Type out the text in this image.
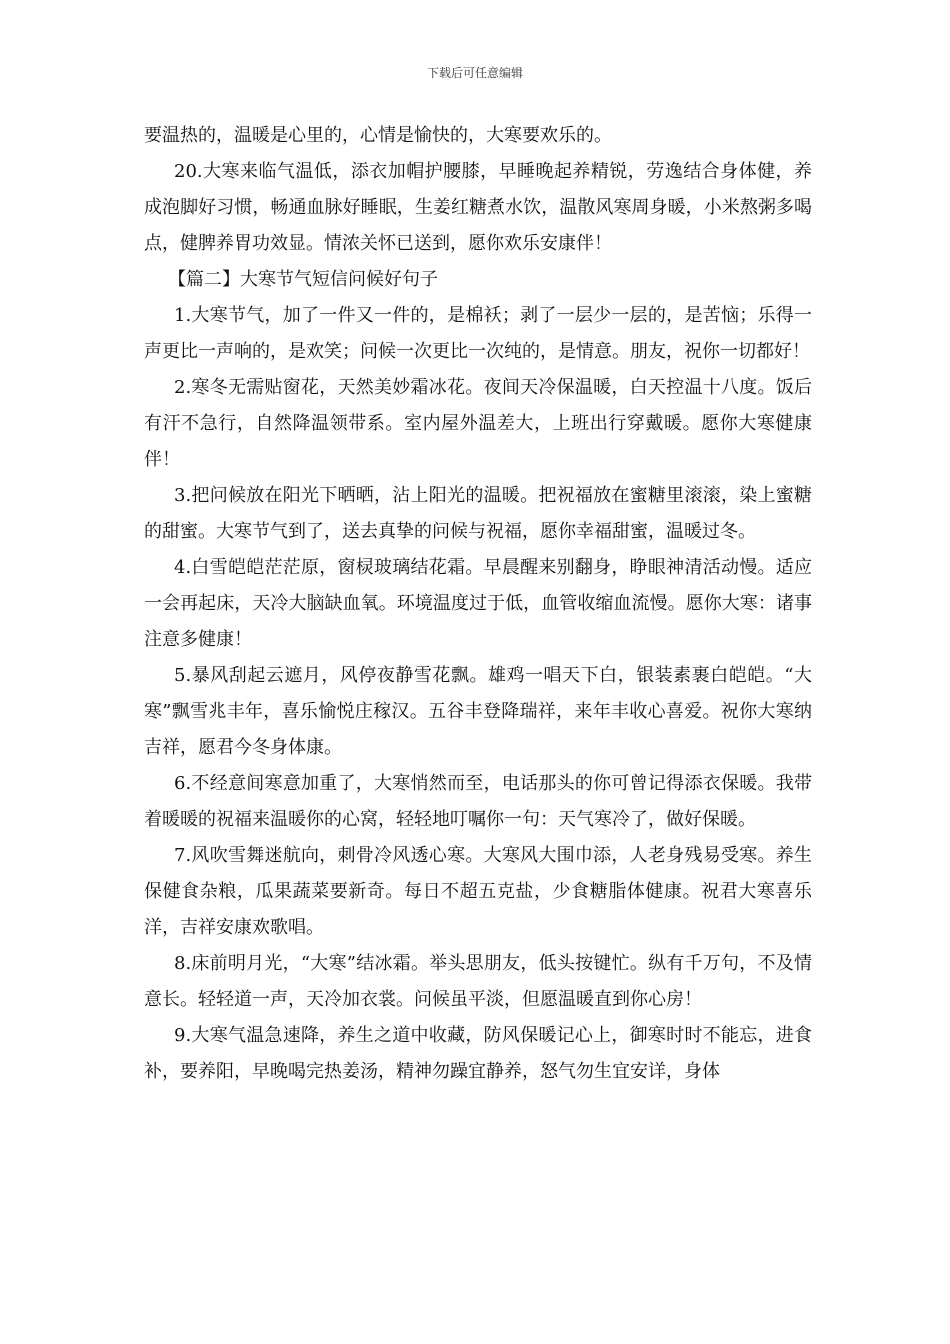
下载后可任意编辑

要温热的，温暖是心里的，心情是愉快的，大寒要欢乐的。

20.大寒来临气温低，添衣加帽护腰膝，早睡晚起养精锐，劳逸结合身体健，养成泡脚好习惯，畅通血脉好睡眠，生姜红糖煮水饮，温散风寒周身暖，小米熬粥多喝点，健脾养胃功效显。情浓关怀已送到，愿你欢乐安康伴！

【篇二】大寒节气短信问候好句子

1.大寒节气，加了一件又一件的，是棉袄；剥了一层少一层的，是苦恼；乐得一声更比一声响的，是欢笑；问候一次更比一次纯的，是情意。朋友，祝你一切都好！

2.寒冬无需贴窗花，天然美妙霜冰花。夜间天冷保温暖，白天控温十八度。饭后有汗不急行，自然降温领带系。室内屋外温差大，上班出行穿戴暖。愿你大寒健康伴！

3.把问候放在阳光下晒晒，沾上阳光的温暖。把祝福放在蜜糖里滚滚，染上蜜糖的甜蜜。大寒节气到了，送去真挚的问候与祝福，愿你幸福甜蜜，温暖过冬。

4.白雪皑皑茫茫原，窗棂玻璃结花霜。早晨醒来别翻身，睁眼神清活动慢。适应一会再起床，天冷大脑缺血氧。环境温度过于低，血管收缩血流慢。愿你大寒：诸事注意多健康！

5.暴风刮起云遮月，风停夜静雪花飘。雄鸡一唱天下白，银装素裹白皑皑。“大寒”飘雪兆丰年，喜乐愉悦庄稼汉。五谷丰登降瑞祥，来年丰收心喜爱。祝你大寒纳吉祥，愿君今冬身体康。

6.不经意间寒意加重了，大寒悄然而至，电话那头的你可曾记得添衣保暖。我带着暖暖的祝福来温暖你的心窝，轻轻地叮嘱你一句：天气寒冷了，做好保暖。

7.风吹雪舞迷航向，刺骨冷风透心寒。大寒风大围巾添，人老身残易受寒。养生保健食杂粮，瓜果蔬菜要新奇。每日不超五克盐，少食糖脂体健康。祝君大寒喜乐洋，吉祥安康欢歌唱。

8.床前明月光，“大寒”结冰霜。举头思朋友，低头按键忙。纵有千万句，不及情意长。轻轻道一声，天冷加衣裳。问候虽平淡，但愿温暖直到你心房！

9.大寒气温急速降，养生之道中收藏，防风保暖记心上，御寒时时不能忘，进食补，要养阳，早晚喝完热姜汤，精神勿躁宜静养，怒气勿生宜安详，身体
